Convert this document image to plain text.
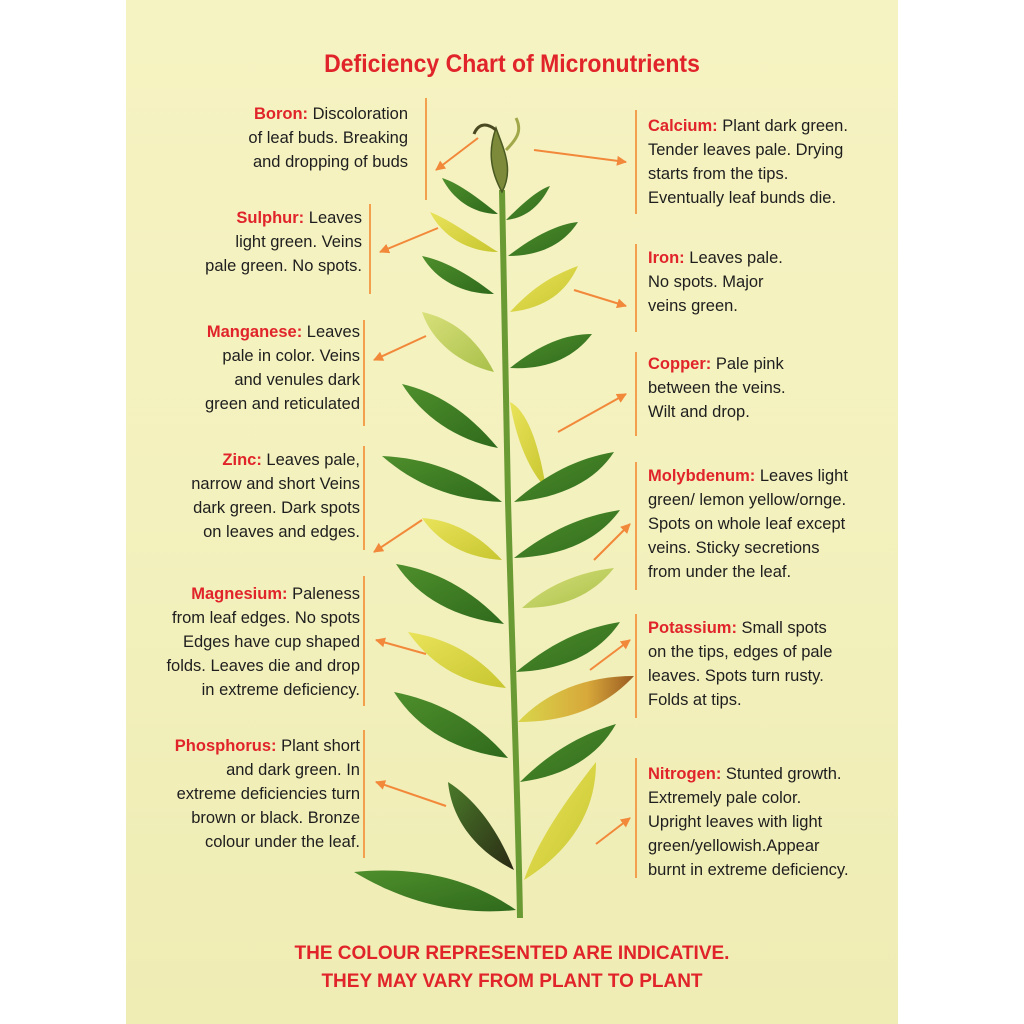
Deficiency Chart of Micronutrients
Boron: Discoloration
of leaf buds. Breaking
and dropping of buds
Sulphur: Leaves
light green. Veins
pale green. No spots.
Manganese: Leaves
pale in color. Veins
and venules dark
green and reticulated
Zinc: Leaves pale,
narrow and short Veins
dark green. Dark spots
on leaves and edges.
Magnesium: Paleness
from leaf edges. No spots
Edges have cup shaped
folds. Leaves die and drop
in extreme deficiency.
Phosphorus: Plant short
and dark green. In
extreme deficiencies turn
brown or black. Bronze
colour under the leaf.
Calcium: Plant dark green.
Tender leaves pale. Drying
starts from the tips.
Eventually leaf bunds die.
Iron: Leaves pale.
No spots. Major
veins green.
Copper: Pale pink
between the veins.
Wilt and drop.
Molybdenum: Leaves light
green/ lemon yellow/ornge.
Spots on whole leaf except
veins. Sticky secretions
from under the leaf.
Potassium: Small spots
on the tips, edges of pale
leaves. Spots turn rusty.
Folds at tips.
Nitrogen: Stunted growth.
Extremely pale color.
Upright leaves with light
green/yellowish.Appear
burnt in extreme deficiency.
THE COLOUR REPRESENTED ARE INDICATIVE.
THEY MAY VARY FROM PLANT TO PLANT
